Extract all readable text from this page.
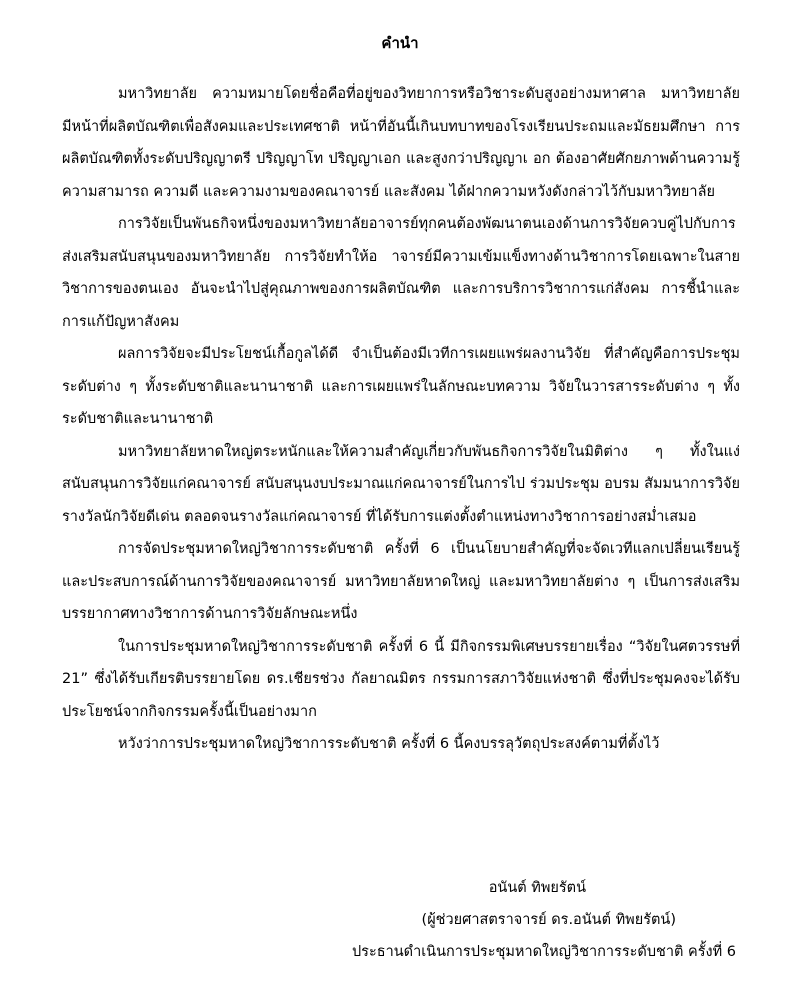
คำนำ

มหาวิทยาลัย ความหมายโดยชื่อคือที่อยู่ของวิทยาการหรือวิชาระดับสูงอย่างมหาศาล มหาวิทยาลัยมีหน้าที่ผลิตบัณฑิตเพื่อสังคมและประเทศชาติ หน้าที่อันนี้เกินบทบาทของโรงเรียนประถมและมัธยมศึกษา การผลิตบัณฑิตทั้งระดับปริญญาตรี ปริญญาโท ปริญญาเอก และสูงกว่าปริญญาเ อก ต้องอาศัยศักยภาพด้านความรู้ ความสามารถ ความดี และความงามของคณาจารย์ และสังคม ได้ฝากความหวังดังกล่าวไว้กับมหาวิทยาลัย

การวิจัยเป็นพันธกิจหนึ่งของมหาวิทยาลัยอาจารย์ทุกคนต้องพัฒนาตนเองด้านการวิจัยควบคู่ไปกับการส่งเสริมสนับสนุนของมหาวิทยาลัย การวิจัยทำให้อ าจารย์มีความเข้มแข็งทางด้านวิชาการโดยเฉพาะในสายวิชาการของตนเอง อันจะนำไปสู่คุณภาพของการผลิตบัณฑิต และการบริการวิชาการแก่สังคม การชี้นำและการแก้ปัญหาสังคม

ผลการวิจัยจะมีประโยชน์เกื้อกูลได้ดี จำเป็นต้องมีเวทีการเผยแพร่ผลงานวิจัย ที่สำคัญคือการประชุมระดับต่าง ๆ ทั้งระดับชาติและนานาชาติ และการเผยแพร่ในลักษณะบทความ วิจัยในวารสารระดับต่าง ๆ ทั้งระดับชาติและนานาชาติ

มหาวิทยาลัยหาดใหญ่ตระหนักและให้ความสำคัญเกี่ยวกับพันธกิจการวิจัยในมิติต่าง ๆ ทั้งในแง่สนับสนุนการวิจัยแก่คณาจารย์ สนับสนุนงบประมาณแก่คณาจารย์ในการไป ร่วมประชุม อบรม สัมมนาการวิจัย รางวัลนักวิจัยดีเด่น ตลอดจนรางวัลแก่คณาจารย์ ที่ได้รับการแต่งตั้งตำแหน่งทางวิชาการอย่างสม่ำเสมอ

การจัดประชุมหาดใหญ่วิชาการระดับชาติ ครั้งที่ 6 เป็นนโยบายสำคัญที่จะจัดเวทีแลกเปลี่ยนเรียนรู้และประสบการณ์ด้านการวิจัยของคณาจารย์ มหาวิทยาลัยหาดใหญ่ และมหาวิทยาลัยต่าง ๆ เป็นการส่งเสริมบรรยากาศทางวิชาการด้านการวิจัยลักษณะหนึ่ง

ในการประชุมหาดใหญ่วิชาการระดับชาติ ครั้งที่ 6 นี้ มีกิจกรรมพิเศษบรรยายเรื่อง “วิจัยในศตวรรษที่ 21” ซึ่งได้รับเกียรติบรรยายโดย ดร.เชียรช่วง กัลยาณมิตร กรรมการสภาวิจัยแห่งชาติ ซึ่งที่ประชุมคงจะได้รับประโยชน์จากกิจกรรมครั้งนี้เป็นอย่างมาก

หวังว่าการประชุมหาดใหญ่วิชาการระดับชาติ ครั้งที่ 6 นี้คงบรรลุวัตถุประสงค์ตามที่ตั้งไว้

อนันต์ ทิพยรัตน์
(ผู้ช่วยศาสตราจารย์ ดร.อนันต์ ทิพยรัตน์)
ประธานดำเนินการประชุมหาดใหญ่วิชาการระดับชาติ ครั้งที่ 6
